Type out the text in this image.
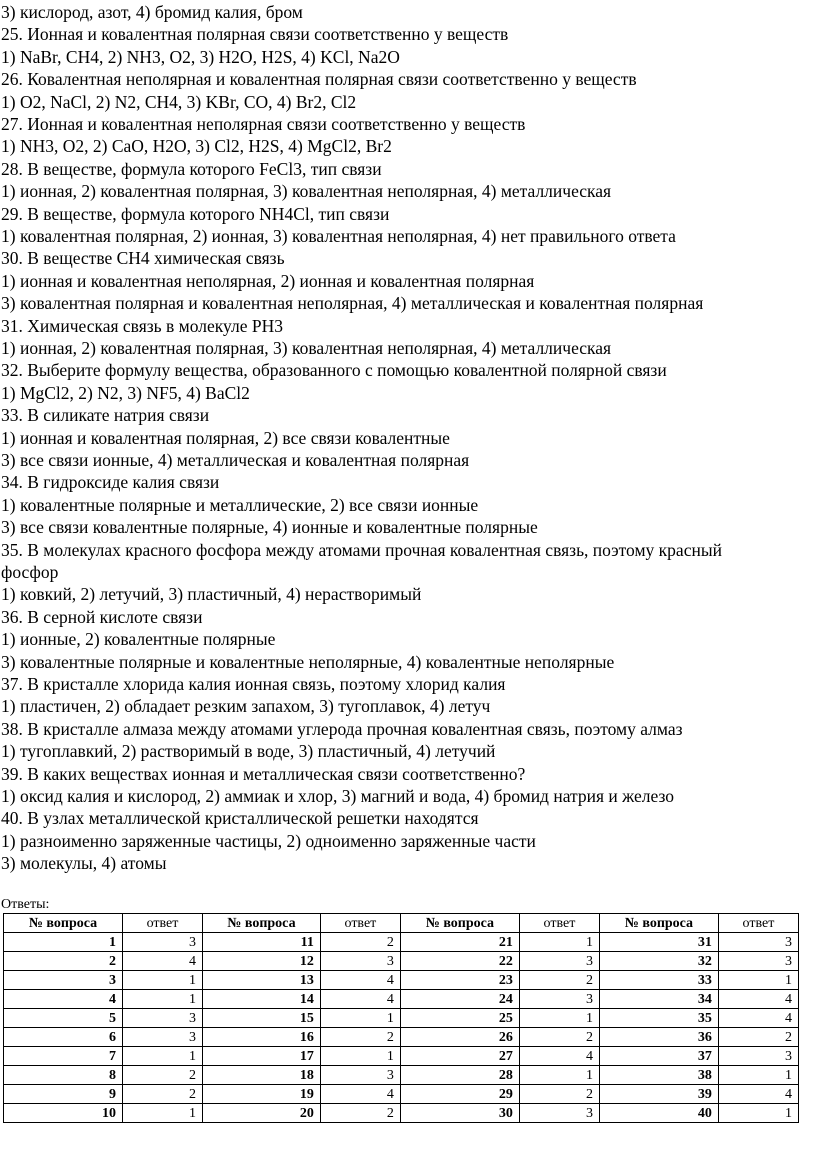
3) кислород, азот, 4) бромид калия, бром
25. Ионная и ковалентная полярная связи соответственно у веществ
1) NaBr, CH4, 2) NH3, O2, 3) H2O, H2S, 4) KCl, Na2O
26. Ковалентная неполярная и ковалентная полярная связи соответственно у веществ
1) O2, NaCl, 2) N2, CH4, 3) KBr, CO, 4) Br2, Cl2
27. Ионная и ковалентная неполярная связи соответственно у веществ
1) NH3, O2, 2) CaO, H2O, 3) Cl2, H2S, 4) MgCl2, Br2
28. В веществе, формула которого FeCl3, тип связи
1) ионная, 2) ковалентная полярная, 3) ковалентная неполярная, 4) металлическая
29. В веществе, формула которого NH4Cl, тип связи
1) ковалентная полярная, 2) ионная, 3) ковалентная неполярная, 4) нет правильного ответа
30. В веществе CH4 химическая связь
1) ионная и ковалентная неполярная, 2) ионная и ковалентная полярная
3) ковалентная полярная и ковалентная неполярная, 4) металлическая и ковалентная полярная
31. Химическая связь в молекуле PH3
1) ионная, 2) ковалентная полярная, 3) ковалентная неполярная, 4) металлическая
32. Выберите формулу вещества, образованного с помощью ковалентной полярной связи
1) MgCl2, 2) N2, 3) NF5, 4) BaCl2
33. В силикате натрия связи
1) ионная и ковалентная полярная, 2) все связи ковалентные
3) все связи ионные, 4) металлическая и ковалентная полярная
34. В гидроксиде калия связи
1) ковалентные полярные и металлические, 2) все связи ионные
3) все связи ковалентные полярные, 4) ионные и ковалентные полярные
35. В молекулах красного фосфора между атомами прочная ковалентная связь, поэтому красный
фосфор
1) ковкий, 2) летучий, 3) пластичный, 4) нерастворимый
36. В серной кислоте связи
1) ионные, 2) ковалентные полярные
3) ковалентные полярные и ковалентные неполярные, 4) ковалентные неполярные
37. В кристалле хлорида калия ионная связь, поэтому хлорид калия
1) пластичен, 2) обладает резким запахом, 3) тугоплавок, 4) летуч
38. В кристалле алмаза между атомами углерода прочная ковалентная связь, поэтому алмаз
1) тугоплавкий, 2) растворимый в воде, 3) пластичный, 4) летучий
39. В каких веществах ионная и металлическая связи соответственно?
1) оксид калия и кислород, 2) аммиак и хлор, 3) магний и вода, 4) бромид натрия и железо
40. В узлах металлической кристаллической решетки находятся
1) разноименно заряженные частицы, 2) одноименно заряженные части
3) молекулы, 4) атомы
Ответы:
№ вопроса	ответ	№ вопроса	ответ	№ вопроса	ответ	№ вопроса	ответ
1	3	11	2	21	1	31	3
2	4	12	3	22	3	32	3
3	1	13	4	23	2	33	1
4	1	14	4	24	3	34	4
5	3	15	1	25	1	35	4
6	3	16	2	26	2	36	2
7	1	17	1	27	4	37	3
8	2	18	3	28	1	38	1
9	2	19	4	29	2	39	4
10	1	20	2	30	3	40	1
